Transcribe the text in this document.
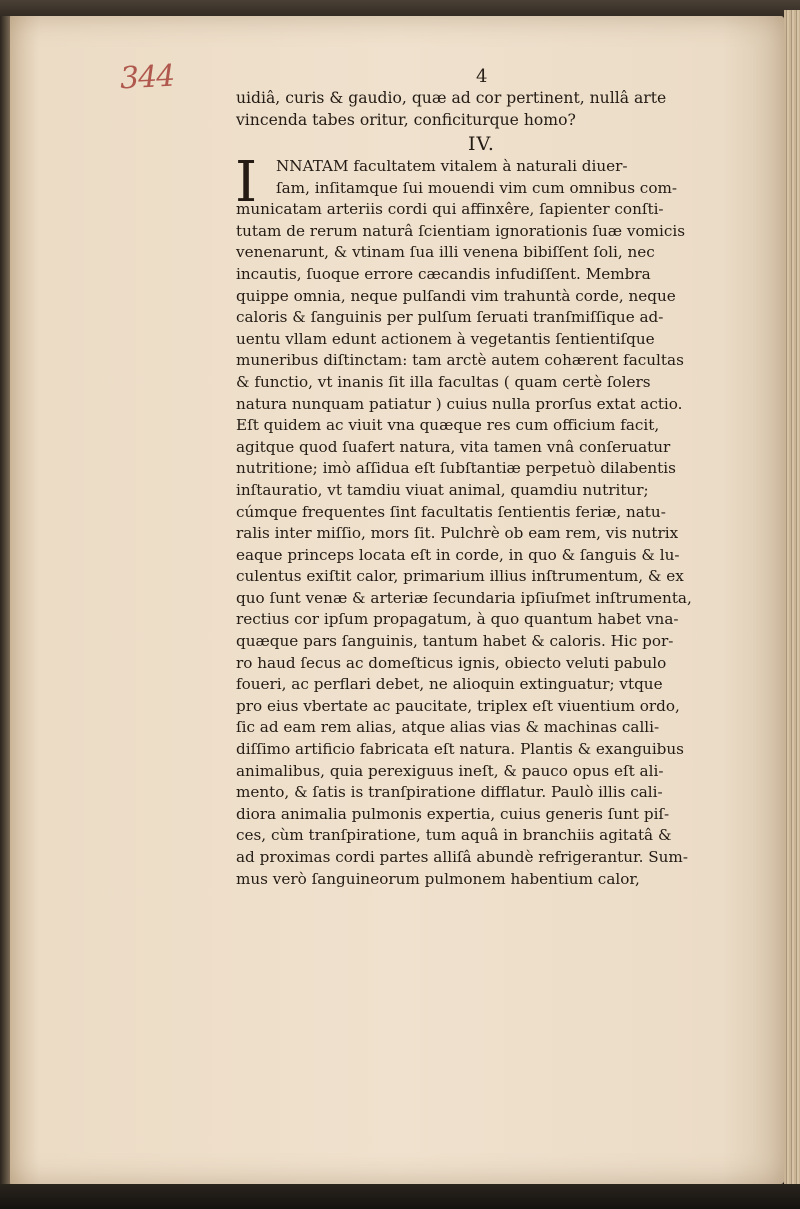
344	4
uidiâ, curis & gaudio, quæ ad cor pertinent, nullâ arte
vincenda tabes oritur, conficiturque homo?
IV.
I	NNATAM facultatem vitalem à naturali diuer-
ſam, inſitamque ſui mouendi vim cum omnibus com-
municatam arteriis cordi qui affinxêre, ſapienter conſti-
tutam de rerum naturâ ſcientiam ignorationis ſuæ vomicis
venenarunt, & vtinam ſua illi venena bibiſſent ſoli, nec
incautis, ſuoque errore cæcandis infudiſſent. Membra
quippe omnia, neque pulſandi vim trahuntà corde, neque
caloris & ſanguinis per pulſum ſeruati tranſmiſſique ad-
uentu vllam edunt actionem à vegetantis ſentientiſque
muneribus diſtinctam: tam arctè autem cohærent facultas
& functio, vt inanis ſit illa facultas ( quam certè ſolers
natura nunquam patiatur ) cuius nulla prorſus extat actio.
Eſt quidem ac viuit vna quæque res cum officium facit,
agitque quod ſuafert natura, vita tamen vnâ conſeruatur
nutritione; imò aſſidua eſt ſubſtantiæ perpetuò dilabentis
inſtauratio, vt tamdiu viuat animal, quamdiu nutritur;
cúmque frequentes ſint facultatis ſentientis feriæ, natu-
ralis inter miſſio, mors ſit. Pulchrè ob eam rem, vis nutrix
eaque princeps locata eſt in corde, in quo & ſanguis & lu-
culentus exiſtit calor, primarium illius inſtrumentum, & ex
quo ſunt venæ & arteriæ ſecundaria ipſiuſmet inſtrumenta,
rectius cor ipſum propagatum, à quo quantum habet vna-
quæque pars ſanguinis, tantum habet & caloris. Hic por-
ro haud ſecus ac domeſticus ignis, obiecto veluti pabulo
foueri, ac perflari debet, ne alioquin extinguatur; vtque
pro eius vbertate ac paucitate, triplex eſt viuentium ordo,
ſic ad eam rem alias, atque alias vias & machinas calli-
diſſimo artificio fabricata eſt natura. Plantis & exanguibus
animalibus, quia perexiguus ineſt, & pauco opus eſt ali-
mento, & ſatis is tranſpiratione difflatur. Paulò illis cali-
diora animalia pulmonis expertia, cuius generis ſunt piſ-
ces, cùm tranſpiratione, tum aquâ in branchiis agitatâ &
ad proximas cordi partes alliſâ abundè refrigerantur. Sum-
mus verò ſanguineorum pulmonem habentium calor,
